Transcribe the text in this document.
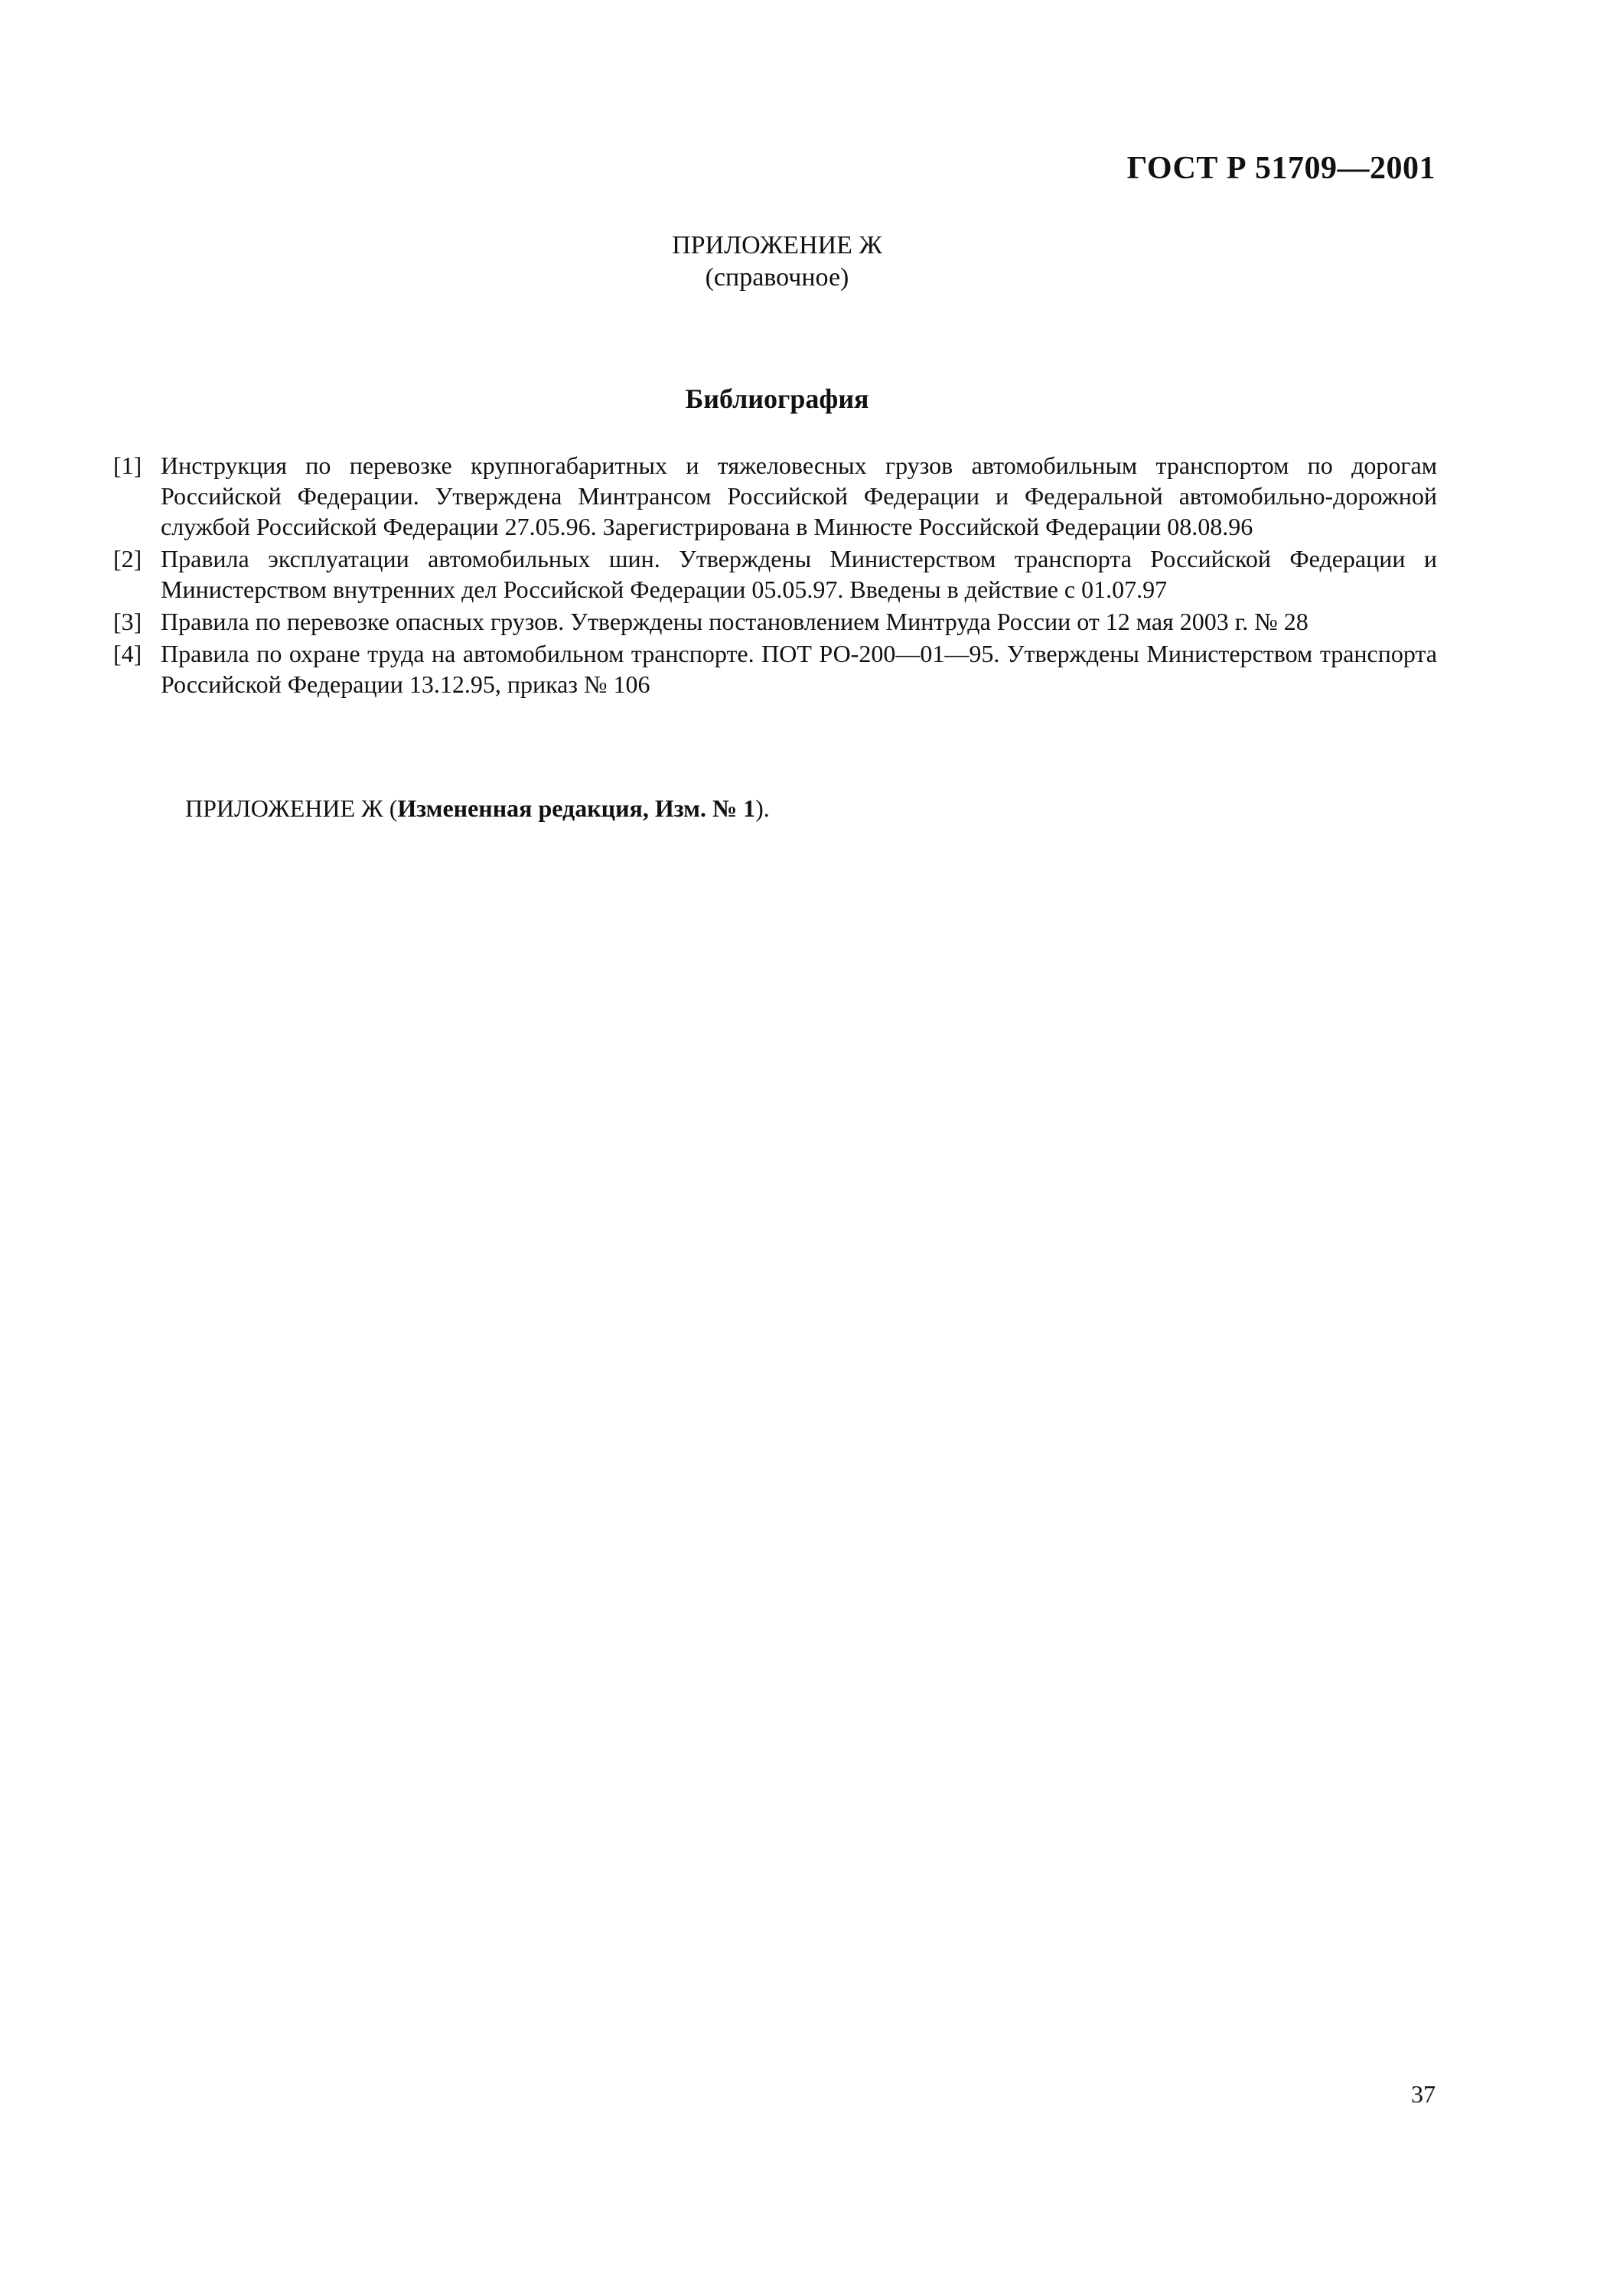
ГОСТ Р 51709—2001
ПРИЛОЖЕНИЕ Ж
(справочное)
Библиография
[1] Инструкция по перевозке крупногабаритных и тяжеловесных грузов автомобильным транспортом по дорогам Российской Федерации. Утверждена Минтрансом Российской Федерации и Федеральной автомобильно-дорожной службой Российской Федерации 27.05.96. Зарегистрирована в Минюсте Российской Федерации 08.08.96
[2] Правила эксплуатации автомобильных шин. Утверждены Министерством транспорта Российской Федерации и Министерством внутренних дел Российской Федерации 05.05.97. Введены в действие с 01.07.97
[3] Правила по перевозке опасных грузов. Утверждены постановлением Минтруда России от 12 мая 2003 г. № 28
[4] Правила по охране труда на автомобильном транспорте. ПОТ РО-200—01—95. Утверждены Министерством транспорта Российской Федерации 13.12.95, приказ № 106
ПРИЛОЖЕНИЕ Ж (Измененная редакция, Изм. № 1).
37
